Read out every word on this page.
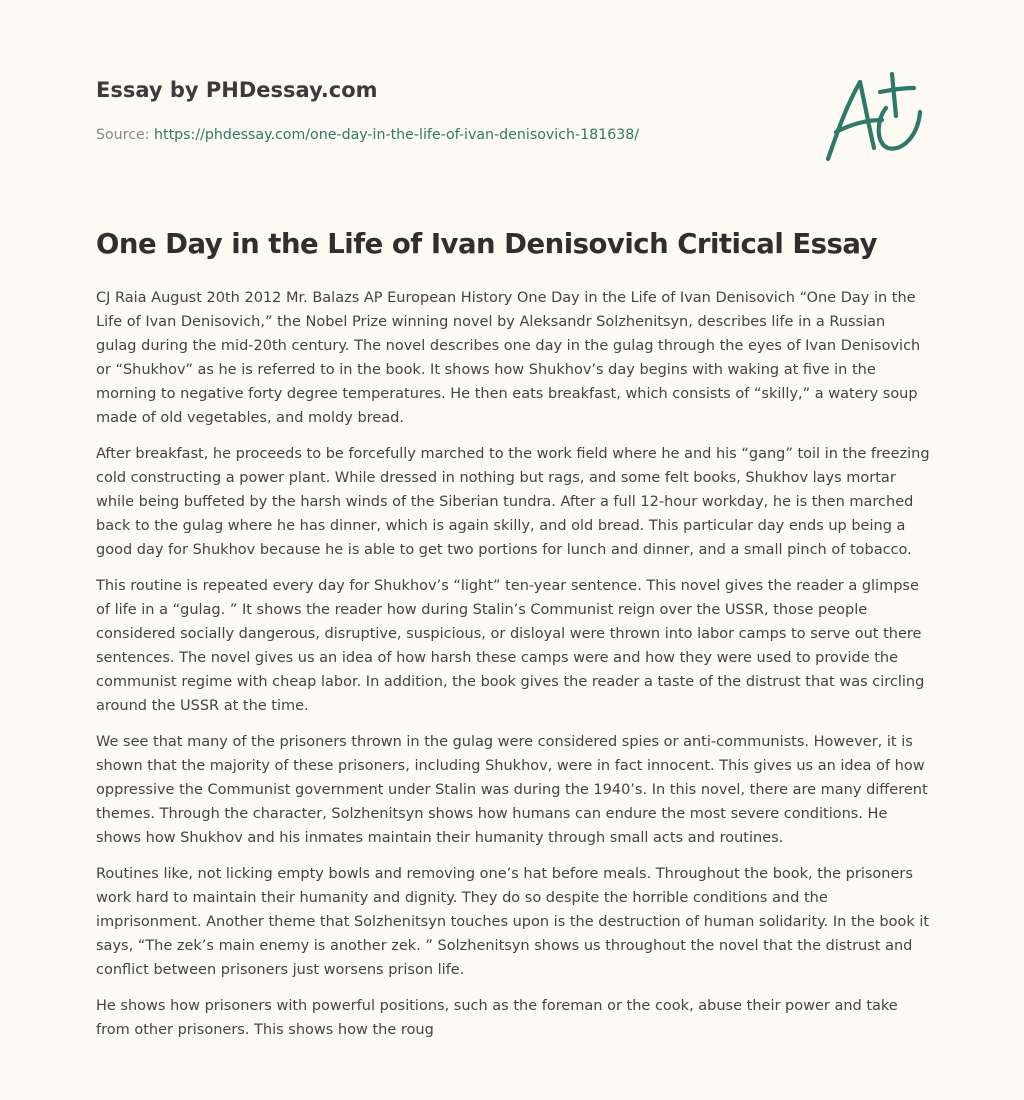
Essay by PHDessay.com
Source: https://phdessay.com/one-day-in-the-life-of-ivan-denisovich-181638/
One Day in the Life of Ivan Denisovich Critical Essay

CJ Raia August 20th 2012 Mr. Balazs AP European History One Day in the Life of Ivan Denisovich “One Day in the Life of Ivan Denisovich,” the Nobel Prize winning novel by Aleksandr Solzhenitsyn, describes life in a Russian gulag during the mid-20th century. The novel describes one day in the gulag through the eyes of Ivan Denisovich or “Shukhov” as he is referred to in the book. It shows how Shukhov’s day begins with waking at five in the morning to negative forty degree temperatures. He then eats breakfast, which consists of “skilly,” a watery soup made of old vegetables, and moldy bread.

After breakfast, he proceeds to be forcefully marched to the work field where he and his “gang” toil in the freezing cold constructing a power plant. While dressed in nothing but rags, and some felt books, Shukhov lays mortar while being buffeted by the harsh winds of the Siberian tundra. After a full 12-hour workday, he is then marched back to the gulag where he has dinner, which is again skilly, and old bread. This particular day ends up being a good day for Shukhov because he is able to get two portions for lunch and dinner, and a small pinch of tobacco.

This routine is repeated every day for Shukhov’s “light” ten-year sentence. This novel gives the reader a glimpse of life in a “gulag. ” It shows the reader how during Stalin’s Communist reign over the USSR, those people considered socially dangerous, disruptive, suspicious, or disloyal were thrown into labor camps to serve out there sentences. The novel gives us an idea of how harsh these camps were and how they were used to provide the communist regime with cheap labor. In addition, the book gives the reader a taste of the distrust that was circling around the USSR at the time.

We see that many of the prisoners thrown in the gulag were considered spies or anti-communists. However, it is shown that the majority of these prisoners, including Shukhov, were in fact innocent. This gives us an idea of how oppressive the Communist government under Stalin was during the 1940’s. In this novel, there are many different themes. Through the character, Solzhenitsyn shows how humans can endure the most severe conditions. He shows how Shukhov and his inmates maintain their humanity through small acts and routines.

Routines like, not licking empty bowls and removing one’s hat before meals. Throughout the book, the prisoners work hard to maintain their humanity and dignity. They do so despite the horrible conditions and the imprisonment. Another theme that Solzhenitsyn touches upon is the destruction of human solidarity. In the book it says, “The zek’s main enemy is another zek. ” Solzhenitsyn shows us throughout the novel that the distrust and conflict between prisoners just worsens prison life.

He shows how prisoners with powerful positions, such as the foreman or the cook, abuse their power and take from other prisoners. This shows how the roug
